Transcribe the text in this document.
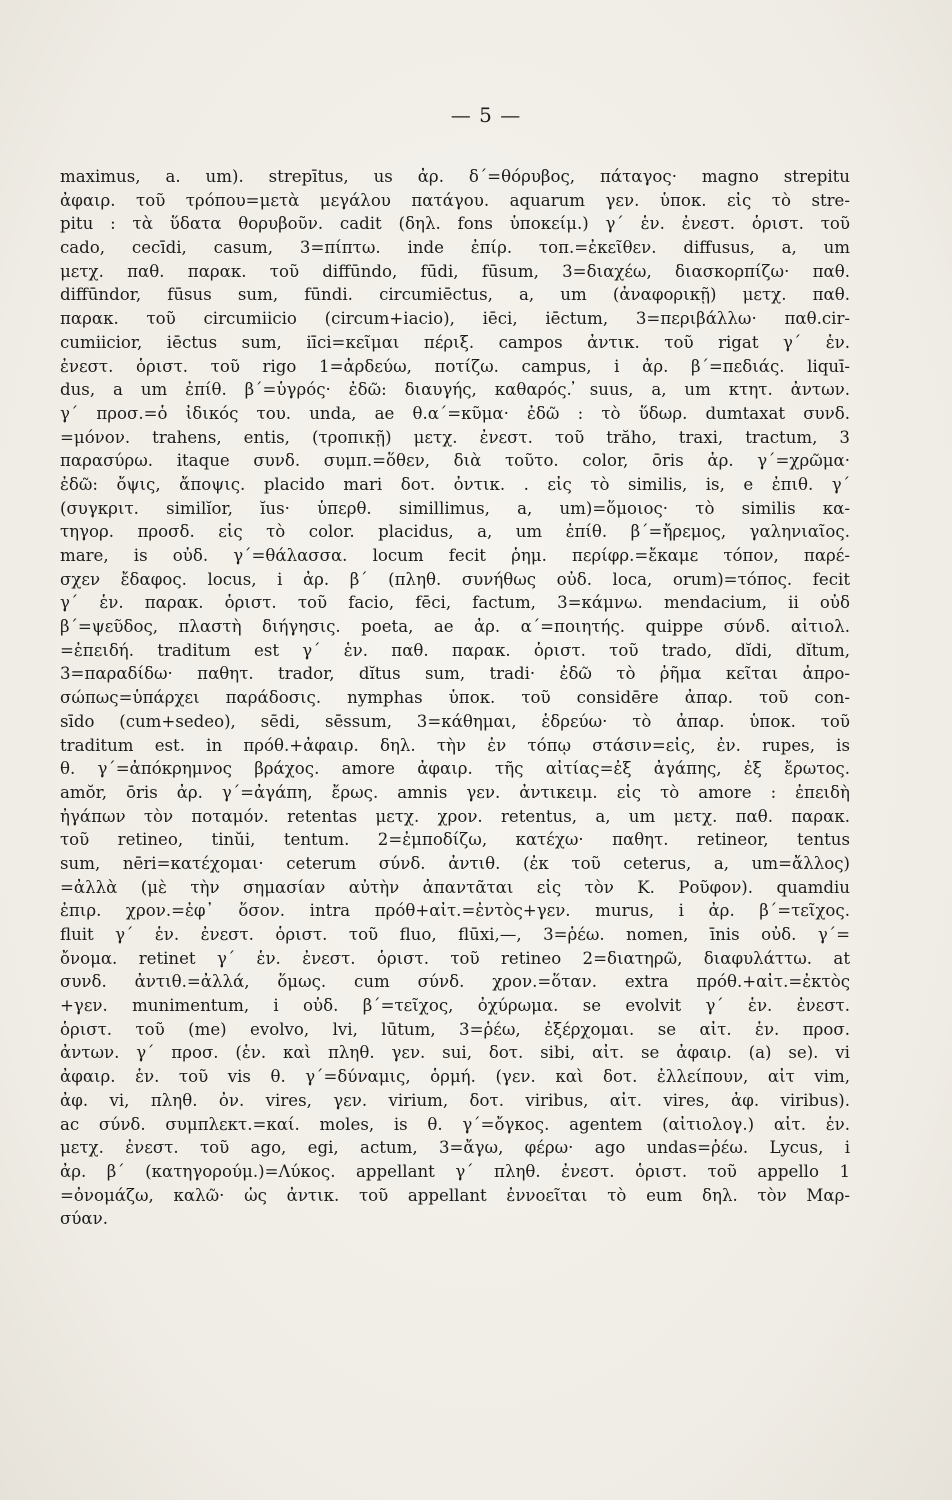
— 5 —
maximus, a. um). strepītus, us ἀρ. δ΄=θόρυβος, πάταγος· magno strepitu
ἀφαιρ. τοῦ τρόπου=μετὰ μεγάλου πατάγου. aquarum γεν. ὑποκ. εἰς τὸ stre-
pitu : τὰ ὕδατα θορυβοῦν. cadit (δηλ. fons ὑποκείμ.) γ΄ ἑν. ἐνεστ. ὁριστ. τοῦ
cado, cecīdi, casum, 3=πίπτω. inde ἐπίρ. τοπ.=ἐκεῖθεν. diffusus, a, um
μετχ. παθ. παρακ. τοῦ diffūndo, fūdi, fūsum, 3=διαχέω, διασκορπίζω· παθ.
diffūndor, fūsus sum, fūndi. circumiēctus, a, um (ἀναφορικῇ) μετχ. παθ.
παρακ. τοῦ circumiicio (circum+iacio), iēci, iēctum, 3=περιβάλλω· παθ.cir-
cumiicior, iēctus sum, iīci=κεῖμαι πέριξ. campos ἀντικ. τοῦ rigat γ΄ ἑν.
ἐνεστ. ὁριστ. τοῦ rigo 1=ἀρδεύω, ποτίζω. campus, i ἀρ. β΄=πεδιάς. liquī-
dus, a um ἐπίθ. β΄=ὑγρός· ἐδῶ: διαυγής, καθαρός. ̓suus, a, um κτητ. ἀντων.
γ΄ προσ.=ὁ ἰδικός του. unda, ae θ.α΄=κῦμα· ἐδῶ : τὸ ὕδωρ. dumtaxat συνδ.
=μόνον. trahens, entis, (τροπικῇ) μετχ. ἐνεστ. τοῦ trăho, traxi, tractum, 3
παρασύρω. itaque συνδ. συμπ.=ὅθεν, διὰ τοῦτο. color, ōris ἀρ. γ΄=χρῶμα·
ἐδῶ: ὄψις, ἄποψις. placido mari δοτ. ὀντικ. . εἰς τὸ similis, is, e ἐπιθ. γ΄
(συγκριτ. similĭor, ĭus· ὑπερθ. simillimus, a, um)=ὅμοιος· τὸ similis κα-
τηγορ. προσδ. εἰς τὸ color. placidus, a, um ἐπίθ. β΄=ἤρεμος, γαληνιαῖος.
mare, is οὐδ. γ΄=θάλασσα. locum fecit ῥημ. περίφρ.=ἔκαμε τόπον, παρέ-
σχεν ἔδαφος. locus, i ἀρ. β΄ (πληθ. συνήθως οὐδ. loca, orum)=τόπος. fecit
γ΄ ἑν. παρακ. ὁριστ. τοῦ facio, fēci, factum, 3=κάμνω. mendacium, ii οὐδ
β΄=ψεῦδος, πλαστὴ διήγησις. poeta, ae ἀρ. α΄=ποιητής. quippe σύνδ. αἰτιολ.
=ἐπειδή. traditum est γ΄ ἑν. παθ. παρακ. ὁριστ. τοῦ trado, dĭdi, dĭtum,
3=παραδίδω· παθητ. trador, dĭtus sum, tradi· ἐδῶ τὸ ῥῆμα κεῖται ἀπρο-
σώπως=ὑπάρχει παράδοσις. nymphas ὑποκ. τοῦ considēre ἀπαρ. τοῦ con-
sīdo (cum+sedeo), sēdi, sēssum, 3=κάθημαι, ἑδρεύω· τὸ ἀπαρ. ὑποκ. τοῦ
traditum est. in πρόθ.+ἀφαιρ. δηλ. τὴν ἐν τόπῳ στάσιν=εἰς, ἐν. rupes, is
θ. γ΄=ἀπόκρημνος βράχος. amore ἀφαιρ. τῆς αἰτίας=ἐξ ἀγάπης, ἐξ ἔρωτος.
amŏr, ōris ἀρ. γ΄=ἀγάπη, ἔρως. amnis γεν. ἀντικειμ. εἰς τὸ amore : ἐπειδὴ
ἠγάπων τὸν ποταμόν. retentas μετχ. χρον. retentus, a, um μετχ. παθ. παρακ.
τοῦ retineo, tinŭi, tentum. 2=ἐμποδίζω, κατέχω· παθητ. retineor, tentus
sum, nēri=κατέχομαι· ceterum σύνδ. ἀντιθ. (ἐκ τοῦ ceterus, a, um=ἄλλος)
=ἀλλὰ (μὲ τὴν σημασίαν αὐτὴν ἀπαντᾶται εἰς τὸν Κ. Ροῦφον). quamdiu
ἐπιρ. χρον.=ἐφ᾽ ὅσον. intra πρόθ+αἰτ.=ἐντὸς+γεν. murus, i ἀρ. β΄=τεῖχος.
fluit γ΄ ἑν. ἐνεστ. ὁριστ. τοῦ fluo, flūxi,—, 3=ῥέω. nomen, īnis οὐδ. γ΄=
ὄνομα. retinet γ΄ ἑν. ἐνεστ. ὁριστ. τοῦ retineo 2=διατηρῶ, διαφυλάττω. at
συνδ. ἀντιθ.=ἀλλά, ὅμως. cum σύνδ. χρον.=ὅταν. extra πρόθ.+αἰτ.=ἐκτὸς
+γεν. munimentum, i οὐδ. β΄=τεῖχος, ὀχύρωμα. se evolvit γ΄ ἑν. ἐνεστ.
ὁριστ. τοῦ (me) evolvo, lvi, lūtum, 3=ῥέω, ἐξέρχομαι. se αἰτ. ἑν. προσ.
ἀντων. γ΄ προσ. (ἑν. καὶ πληθ. γεν. sui, δοτ. sibi, αἰτ. se ἀφαιρ. (a) se). vi
ἀφαιρ. ἑν. τοῦ vis θ. γ΄=δύναμις, ὁρμή. (γεν. καὶ δοτ. ἐλλείπουν, αἰτ vim,
ἀφ. vi, πληθ. ὀν. vires, γεν. virium, δοτ. viribus, αἰτ. vires, ἀφ. viribus).
ac σύνδ. συμπλεκτ.=καί. moles, is θ. γ΄=ὄγκος. agentem (αἰτιολογ.) αἰτ. ἑν.
μετχ. ἐνεστ. τοῦ ago, egi, actum, 3=ἄγω, φέρω· ago undas=ῥέω. Lycus, i
ἀρ. β΄ (κατηγορούμ.)=Λύκος. appellant γ΄ πληθ. ἐνεστ. ὁριστ. τοῦ appello 1
=ὀνομάζω, καλῶ· ὡς ἀντικ. τοῦ appellant ἐννοεῖται τὸ eum δηλ. τὸν Μαρ-
σύαν.
